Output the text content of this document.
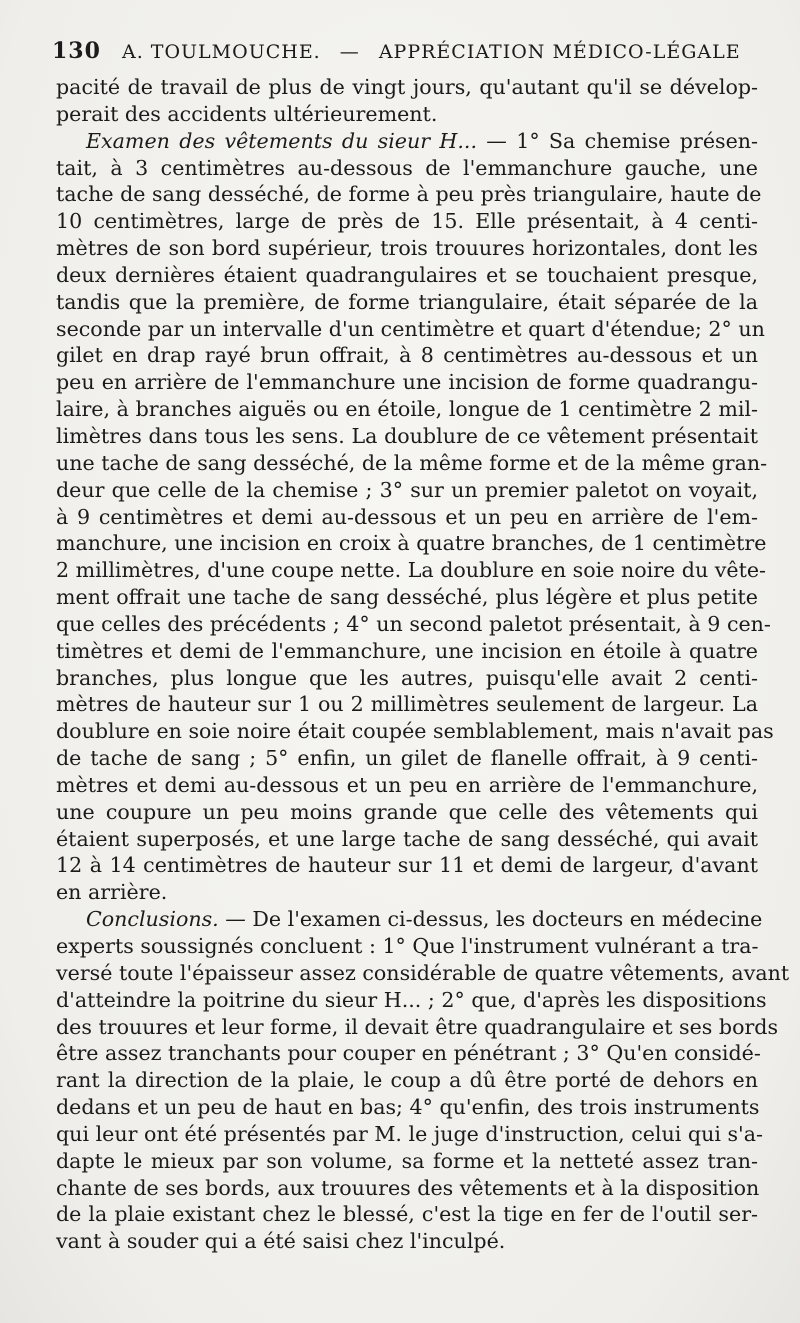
130 A. TOULMOUCHE. — APPRÉCIATION MÉDICO-LÉGALE
pacité de travail de plus de vingt jours, qu'autant qu'il se dévelop-
perait des accidents ultérieurement.
Examen des vêtements du sieur H... — 1° Sa chemise présen-
tait, à 3 centimètres au-dessous de l'emmanchure gauche, une
tache de sang desséché, de forme à peu près triangulaire, haute de
10 centimètres, large de près de 15. Elle présentait, à 4 centi-
mètres de son bord supérieur, trois trouures horizontales, dont les
deux dernières étaient quadrangulaires et se touchaient presque,
tandis que la première, de forme triangulaire, était séparée de la
seconde par un intervalle d'un centimètre et quart d'étendue; 2° un
gilet en drap rayé brun offrait, à 8 centimètres au-dessous et un
peu en arrière de l'emmanchure une incision de forme quadrangu-
laire, à branches aiguës ou en étoile, longue de 1 centimètre 2 mil-
limètres dans tous les sens. La doublure de ce vêtement présentait
une tache de sang desséché, de la même forme et de la même gran-
deur que celle de la chemise ; 3° sur un premier paletot on voyait,
à 9 centimètres et demi au-dessous et un peu en arrière de l'em-
manchure, une incision en croix à quatre branches, de 1 centimètre
2 millimètres, d'une coupe nette. La doublure en soie noire du vête-
ment offrait une tache de sang desséché, plus légère et plus petite
que celles des précédents ; 4° un second paletot présentait, à 9 cen-
timètres et demi de l'emmanchure, une incision en étoile à quatre
branches, plus longue que les autres, puisqu'elle avait 2 centi-
mètres de hauteur sur 1 ou 2 millimètres seulement de largeur. La
doublure en soie noire était coupée semblablement, mais n'avait pas
de tache de sang ; 5° enfin, un gilet de flanelle offrait, à 9 centi-
mètres et demi au-dessous et un peu en arrière de l'emmanchure,
une coupure un peu moins grande que celle des vêtements qui
étaient superposés, et une large tache de sang desséché, qui avait
12 à 14 centimètres de hauteur sur 11 et demi de largeur, d'avant
en arrière.
Conclusions. — De l'examen ci-dessus, les docteurs en médecine
experts soussignés concluent : 1° Que l'instrument vulnérant a tra-
versé toute l'épaisseur assez considérable de quatre vêtements, avant
d'atteindre la poitrine du sieur H... ; 2° que, d'après les dispositions
des trouures et leur forme, il devait être quadrangulaire et ses bords
être assez tranchants pour couper en pénétrant ; 3° Qu'en considé-
rant la direction de la plaie, le coup a dû être porté de dehors en
dedans et un peu de haut en bas; 4° qu'enfin, des trois instruments
qui leur ont été présentés par M. le juge d'instruction, celui qui s'a-
dapte le mieux par son volume, sa forme et la netteté assez tran-
chante de ses bords, aux trouures des vêtements et à la disposition
de la plaie existant chez le blessé, c'est la tige en fer de l'outil ser-
vant à souder qui a été saisi chez l'inculpé.
